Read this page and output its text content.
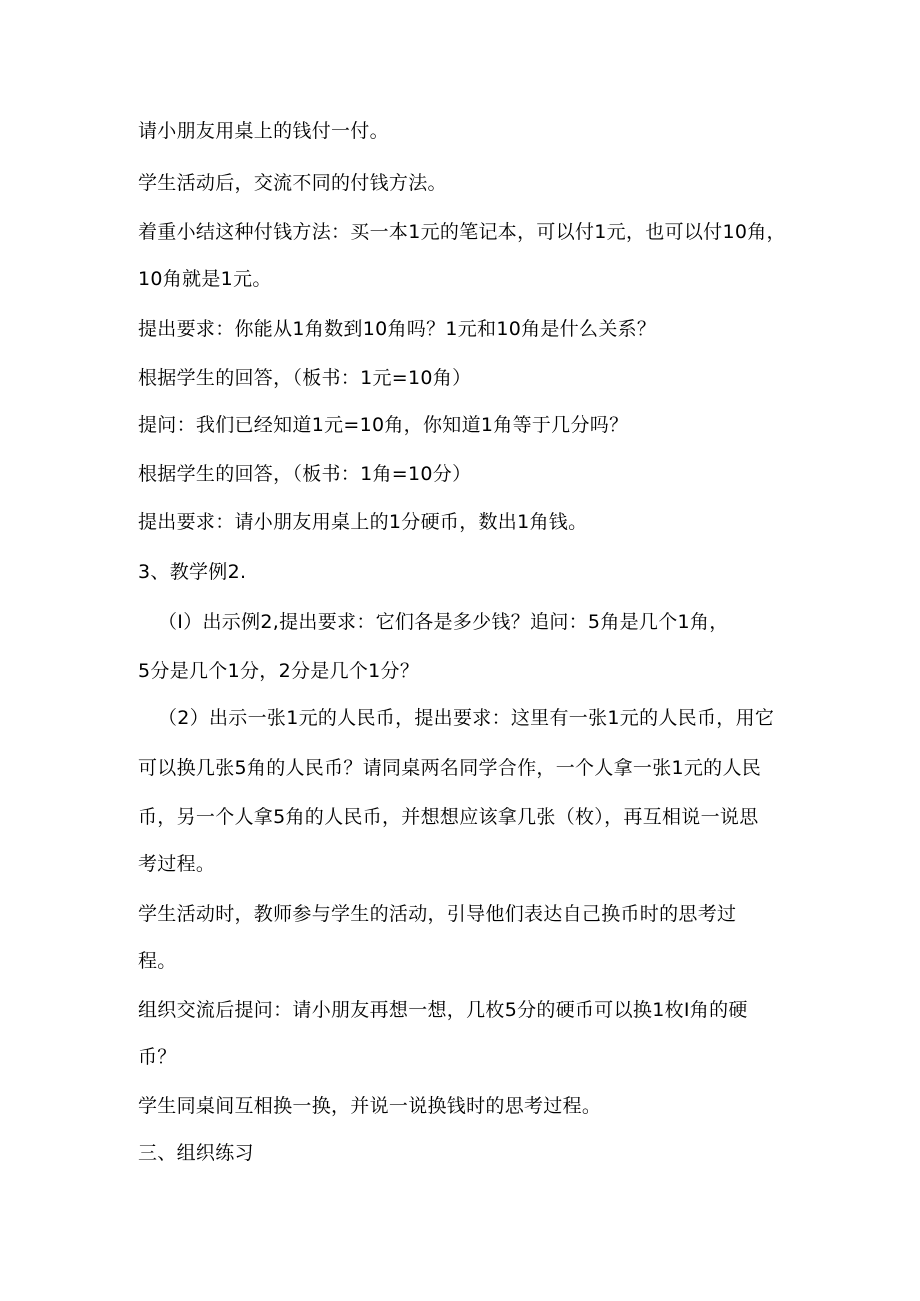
请小朋友用桌上的钱付一付。
学生活动后，交流不同的付钱方法。
着重小结这种付钱方法：买一本1元的笔记本，可以付1元，也可以付10角，
10角就是1元。
提出要求：你能从1角数到10角吗？1元和10角是什么关系？
根据学生的回答，（板书：1元=10角）
提问：我们已经知道1元=10角，你知道1角等于几分吗？
根据学生的回答，（板书：1角=10分）
提出要求：请小朋友用桌上的1分硬币，数出1角钱。
3、教学例2.
（I）出示例2,提出要求：它们各是多少钱？追问：5角是几个1角，
5分是几个1分，2分是几个1分？
（2）出示一张1元的人民币，提出要求：这里有一张1元的人民币，用它
可以换几张5角的人民币？请同桌两名同学合作，一个人拿一张1元的人民
币，另一个人拿5角的人民币，并想想应该拿几张（枚），再互相说一说思
考过程。
学生活动时，教师参与学生的活动，引导他们表达自己换币时的思考过
程。
组织交流后提问：请小朋友再想一想，几枚5分的硬币可以换1枚I角的硬
币？
学生同桌间互相换一换，并说一说换钱时的思考过程。
三、组织练习
